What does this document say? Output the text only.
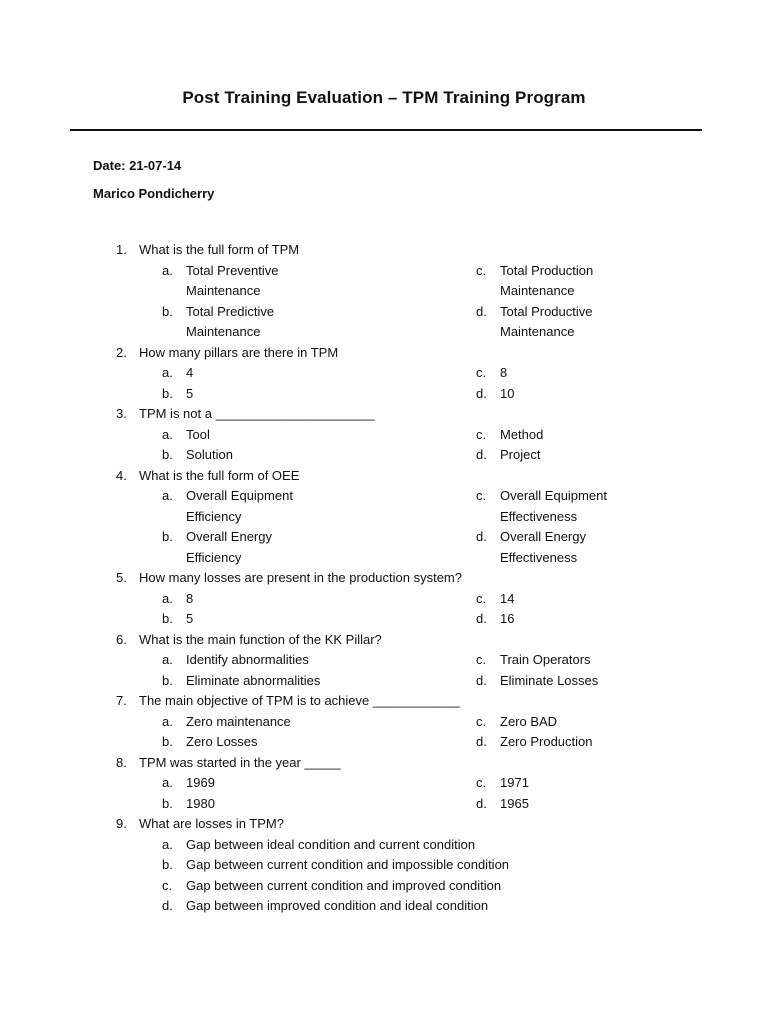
Post Training Evaluation – TPM Training Program
Date: 21-07-14
Marico Pondicherry
1. What is the full form of TPM
a.	Total Preventive Maintenance
c.	Total Production Maintenance
b.	Total Predictive Maintenance
d.	Total Productive Maintenance
2. How many pillars are there in TPM
a.	4	c.	8
b.	5	d.	10
3. TPM is not a ______________________
a.	Tool	c.	Method
b.	Solution	d.	Project
4. What is the full form of OEE
a.	Overall Equipment Efficiency
c.	Overall Equipment Effectiveness
b.	Overall Energy Efficiency
d.	Overall Energy Effectiveness
5. How many losses are present in the production system?
a.	8	c.	14
b.	5	d.	16
6. What is the main function of the KK Pillar?
a.	Identify abnormalities	c.	Train Operators
b.	Eliminate abnormalities	d.	Eliminate Losses
7. The main objective of TPM is to achieve ____________
a.	Zero maintenance	c.	Zero BAD
b.	Zero Losses	d.	Zero Production
8. TPM was started in the year _____
a.	1969	c.	1971
b.	1980	d.	1965
9. What are losses in TPM?
a.	Gap between ideal condition and current condition
b.	Gap between current condition and impossible condition
c.	Gap between current condition and improved condition
d.	Gap between improved condition and ideal condition
